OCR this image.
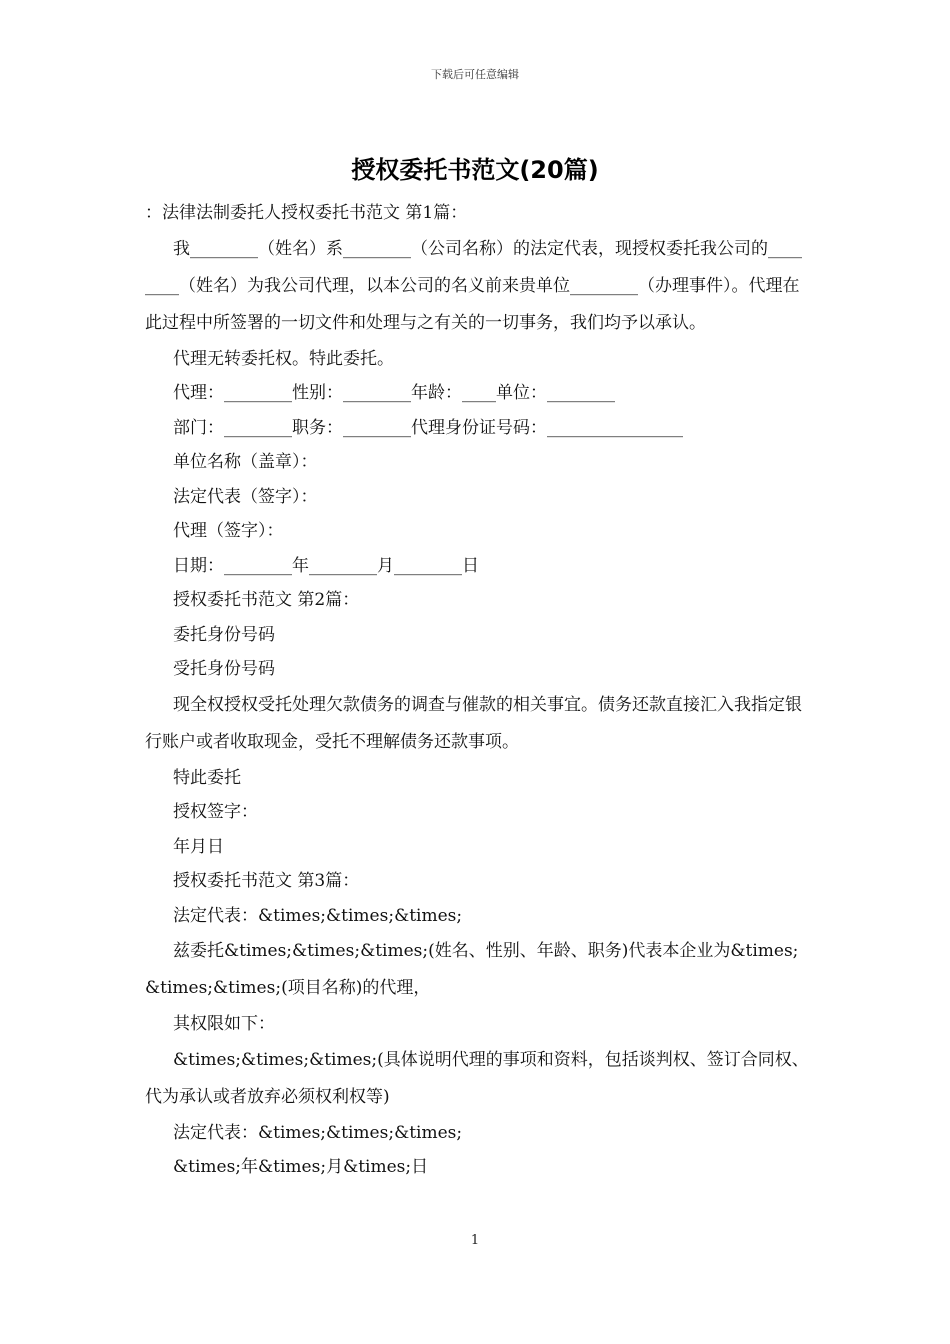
下载后可任意编辑
授权委托书范文(20篇)

：法律法制委托人授权委托书范文 第1篇：

我________（姓名）系________（公司名称）的法定代表，现授权委托我公司的________（姓名）为我公司代理，以本公司的名义前来贵单位________（办理事件）。代理在此过程中所签署的一切文件和处理与之有关的一切事务，我们均予以承认。

代理无转委托权。特此委托。

代理：________性别：________年龄：____单位：________

部门：________职务：________代理身份证号码：________________

单位名称（盖章）：

法定代表（签字）：

代理（签字）：

日期：________年________月________日

授权委托书范文 第2篇：

委托身份号码

受托身份号码

现全权授权受托处理欠款债务的调查与催款的相关事宜。债务还款直接汇入我指定银行账户或者收取现金，受托不理解债务还款事项。

特此委托

授权签字：

年月日

授权委托书范文 第3篇：

法定代表：&times;&times;&times;

兹委托&times;&times;&times;(姓名、性别、年龄、职务)代表本企业为&times;&times;&times;(项目名称)的代理，

其权限如下：

&times;&times;&times;(具体说明代理的事项和资料，包括谈判权、签订合同权、代为承认或者放弃必须权利权等)

法定代表：&times;&times;&times;

&times;年&times;月&times;日

1
